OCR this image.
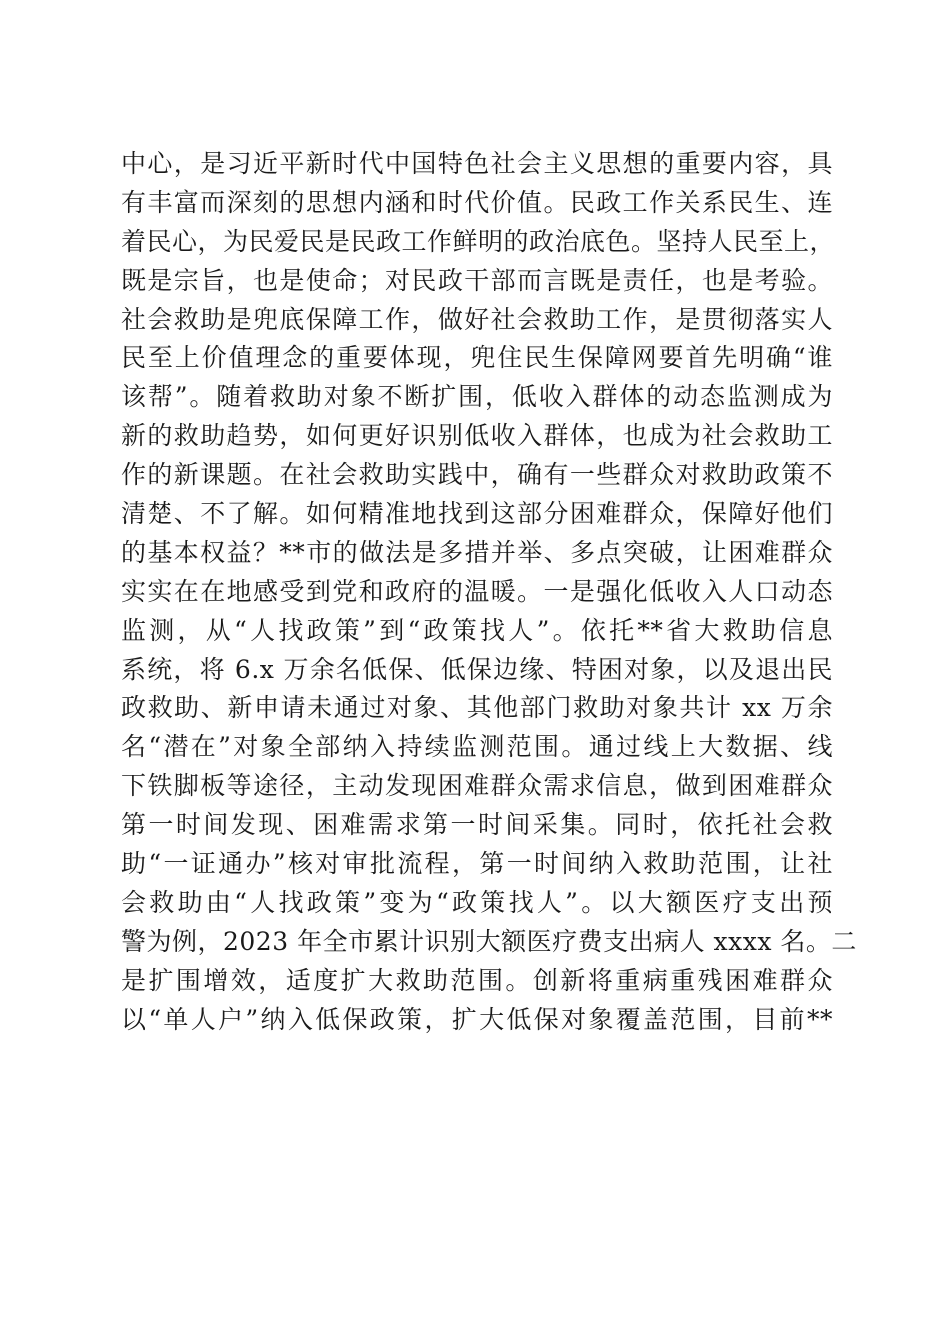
中心，是习近平新时代中国特色社会主义思想的重要内容，具
有丰富而深刻的思想内涵和时代价值。民政工作关系民生、连
着民心，为民爱民是民政工作鲜明的政治底色。坚持人民至上，
既是宗旨，也是使命；对民政干部而言既是责任，也是考验。
社会救助是兜底保障工作，做好社会救助工作，是贯彻落实人
民至上价值理念的重要体现，兜住民生保障网要首先明确“谁
该帮”。随着救助对象不断扩围，低收入群体的动态监测成为
新的救助趋势，如何更好识别低收入群体，也成为社会救助工
作的新课题。在社会救助实践中，确有一些群众对救助政策不
清楚、不了解。如何精准地找到这部分困难群众，保障好他们
的基本权益？**市的做法是多措并举、多点突破，让困难群众
实实在在地感受到党和政府的温暖。一是强化低收入人口动态
监测，从“人找政策”到“政策找人”。依托**省大救助信息
系统，将 6.x 万余名低保、低保边缘、特困对象，以及退出民
政救助、新申请未通过对象、其他部门救助对象共计 xx 万余
名“潜在”对象全部纳入持续监测范围。通过线上大数据、线
下铁脚板等途径，主动发现困难群众需求信息，做到困难群众
第一时间发现、困难需求第一时间采集。同时，依托社会救
助“一证通办”核对审批流程，第一时间纳入救助范围，让社
会救助由“人找政策”变为“政策找人”。以大额医疗支出预
警为例，2023 年全市累计识别大额医疗费支出病人 xxxx 名。二
是扩围增效，适度扩大救助范围。创新将重病重残困难群众
以“单人户”纳入低保政策，扩大低保对象覆盖范围，目前**
